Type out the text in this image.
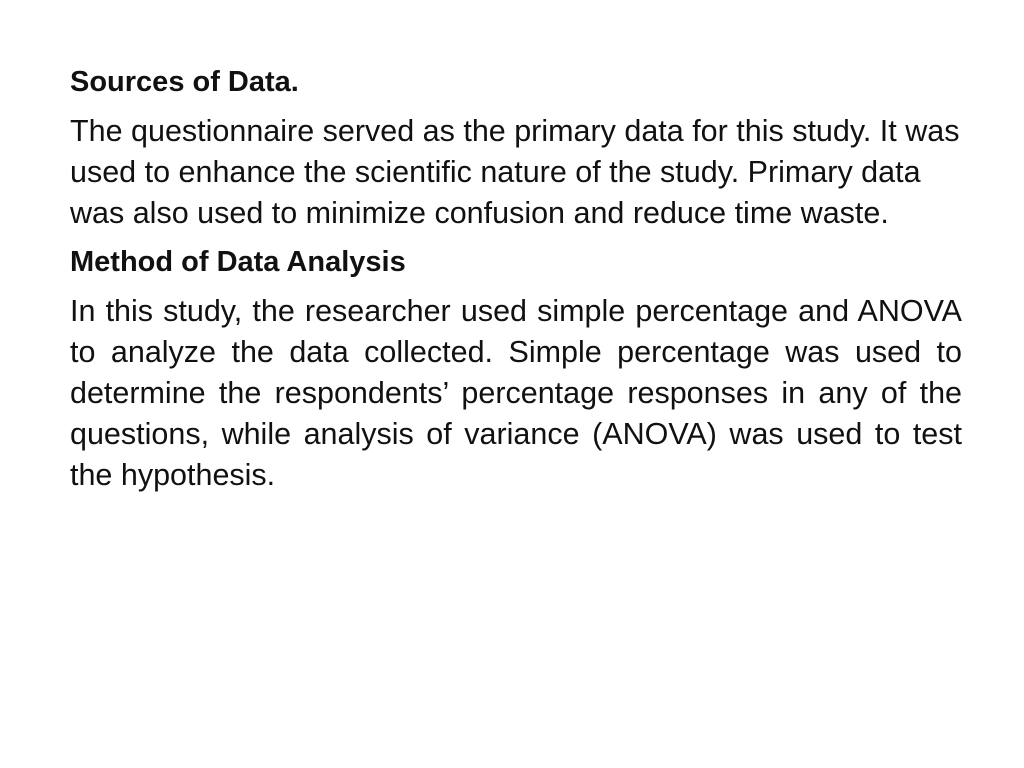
Sources of Data.
The questionnaire served as the primary data for this study. It was used to enhance the scientific nature of the study. Primary data was also used to minimize confusion and reduce time waste.
Method of Data Analysis
In this study, the researcher used simple percentage and ANOVA to analyze the data collected. Simple percentage was used to determine the respondents’ percentage responses in any of the questions, while analysis of variance (ANOVA) was used to test the hypothesis.
